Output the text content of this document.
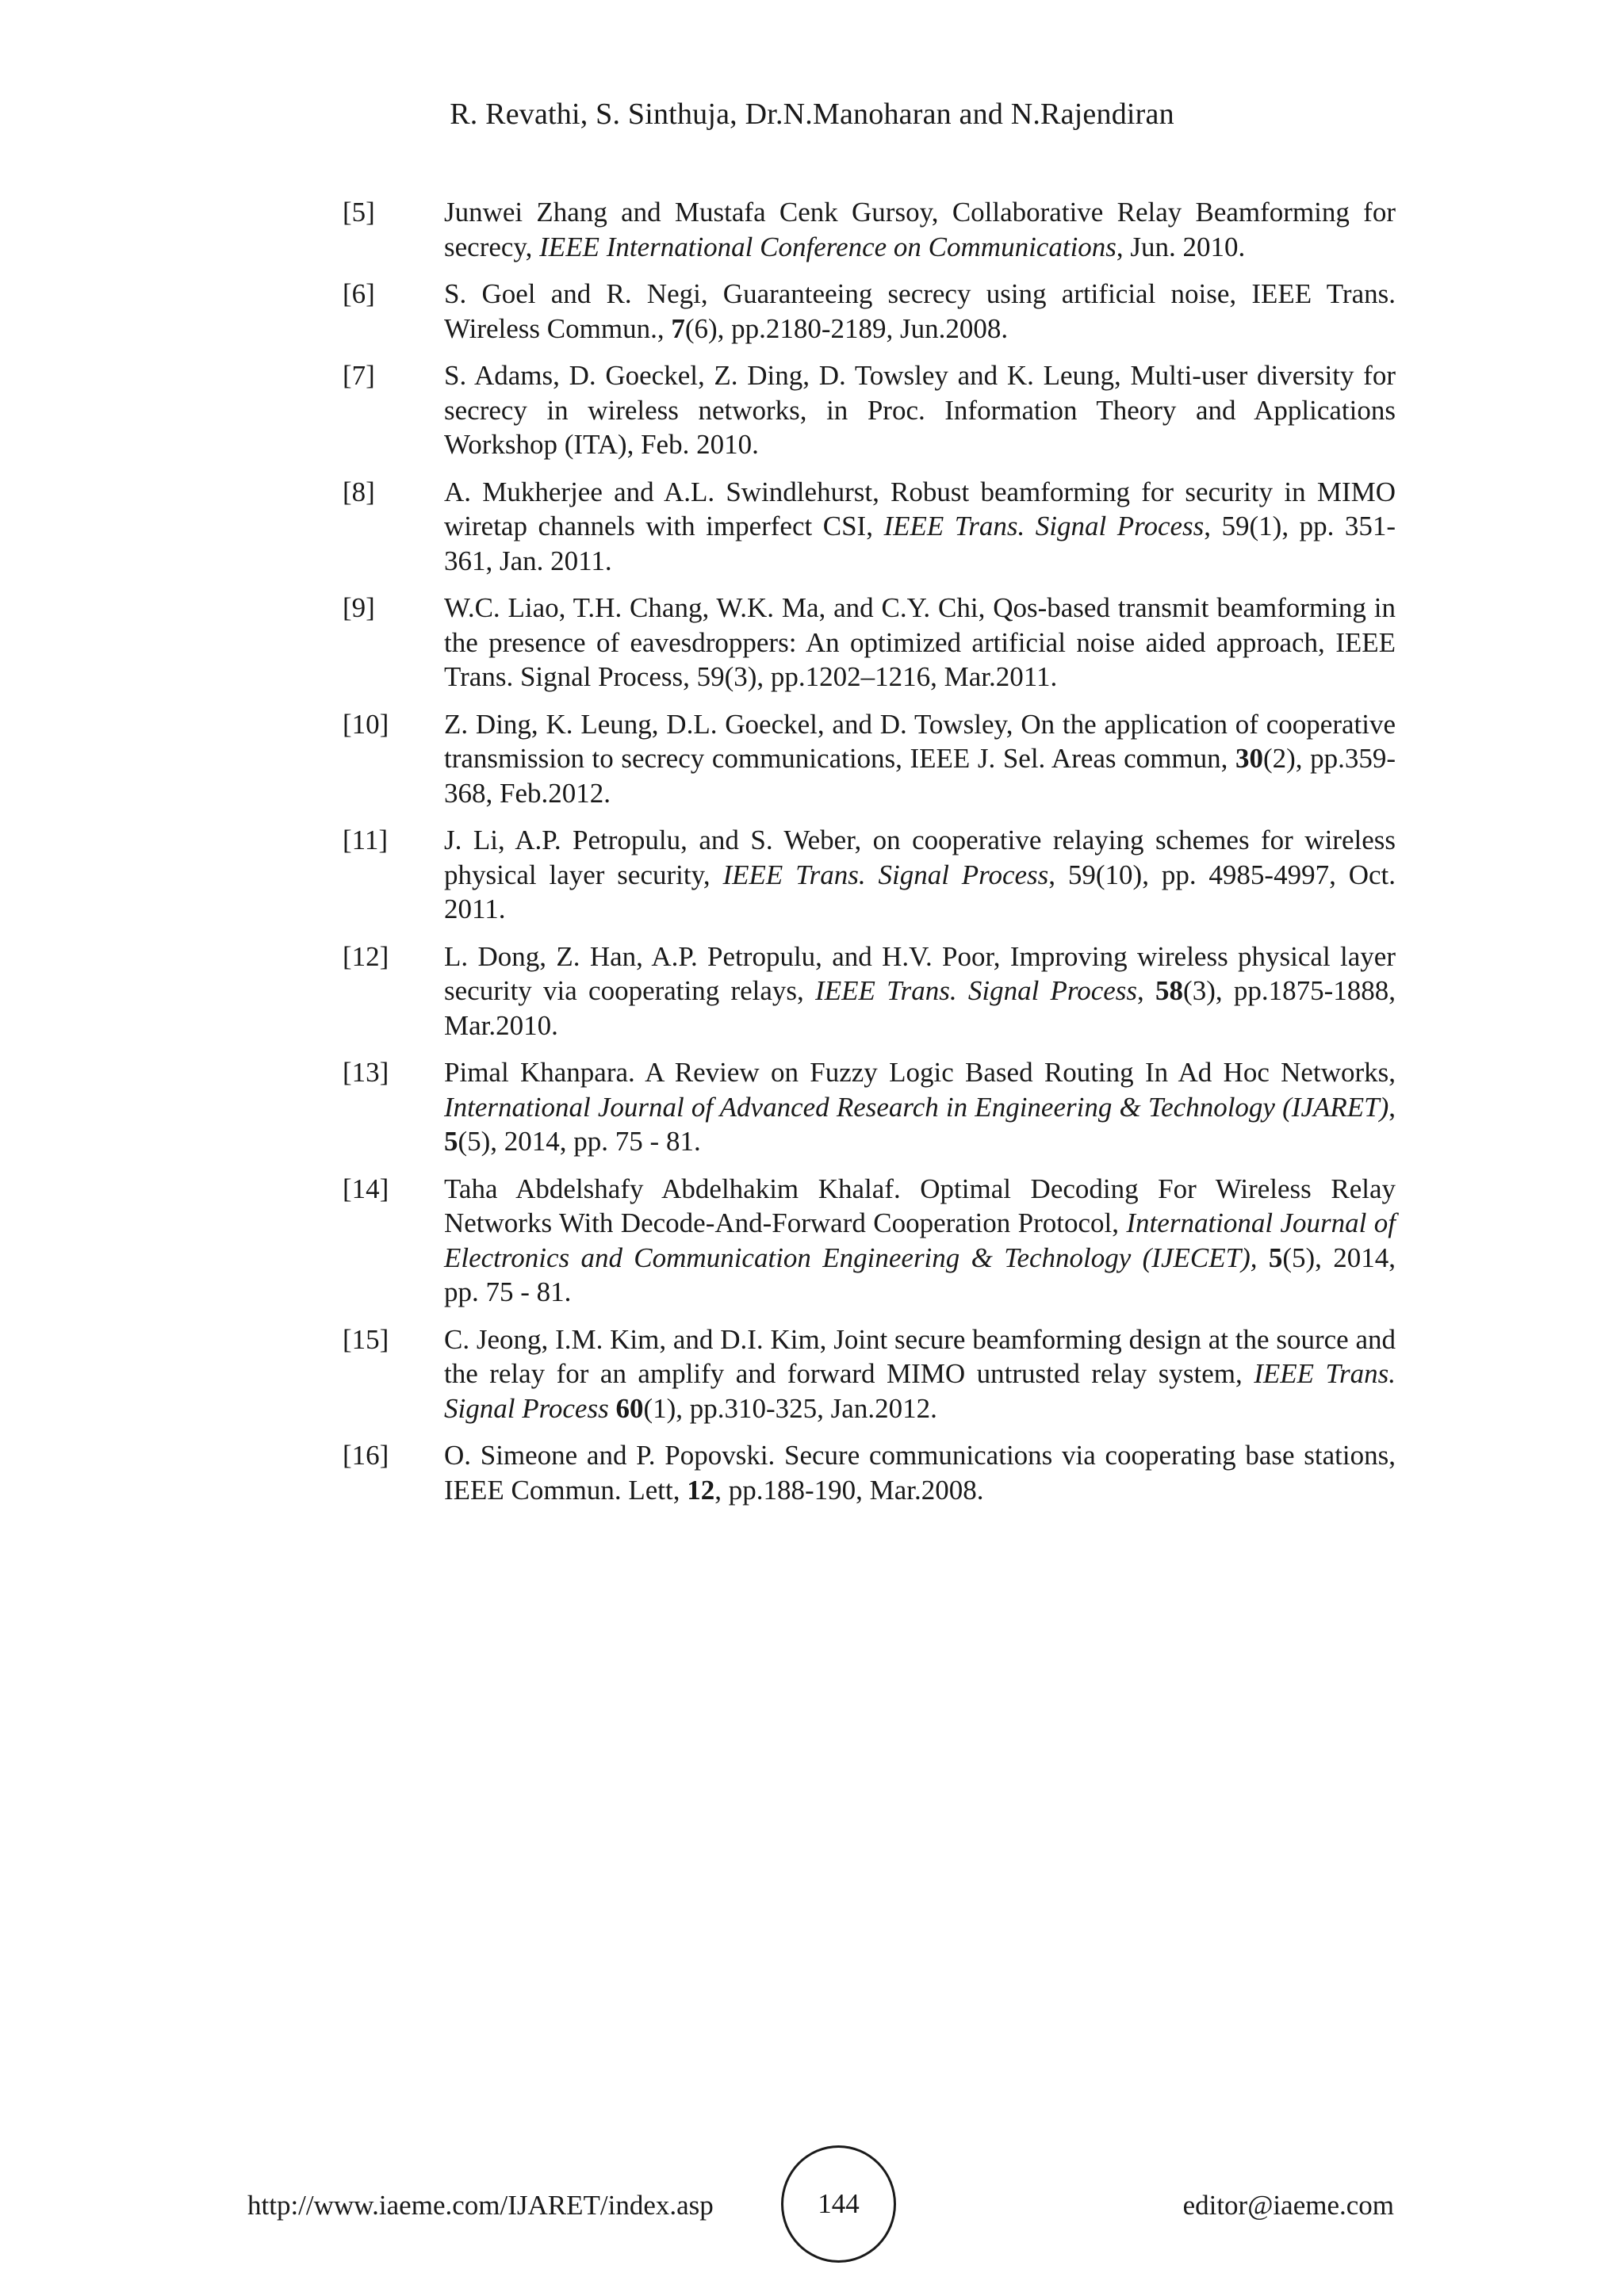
R. Revathi, S. Sinthuja, Dr.N.Manoharan and N.Rajendiran
[5]	Junwei Zhang and Mustafa Cenk Gursoy, Collaborative Relay Beamforming for secrecy, IEEE International Conference on Communications, Jun. 2010.
[6]	S. Goel and R. Negi, Guaranteeing secrecy using artificial noise, IEEE Trans. Wireless Commun., 7(6), pp.2180-2189, Jun.2008.
[7]	S. Adams, D. Goeckel, Z. Ding, D. Towsley and K. Leung, Multi-user diversity for secrecy in wireless networks, in Proc. Information Theory and Applications Workshop (ITA), Feb. 2010.
[8]	A. Mukherjee and A.L. Swindlehurst, Robust beamforming for security in MIMO wiretap channels with imperfect CSI, IEEE Trans. Signal Process, 59(1), pp. 351-361, Jan. 2011.
[9]	W.C. Liao, T.H. Chang, W.K. Ma, and C.Y. Chi, Qos-based transmit beamforming in the presence of eavesdroppers: An optimized artificial noise aided approach, IEEE Trans. Signal Process, 59(3), pp.1202–1216, Mar.2011.
[10]	Z. Ding, K. Leung, D.L. Goeckel, and D. Towsley, On the application of cooperative transmission to secrecy communications, IEEE J. Sel. Areas commun, 30(2), pp.359-368, Feb.2012.
[11]	J. Li, A.P. Petropulu, and S. Weber, on cooperative relaying schemes for wireless physical layer security, IEEE Trans. Signal Process, 59(10), pp. 4985-4997, Oct. 2011.
[12]	L. Dong, Z. Han, A.P. Petropulu, and H.V. Poor, Improving wireless physical layer security via cooperating relays, IEEE Trans. Signal Process, 58(3), pp.1875-1888, Mar.2010.
[13]	Pimal Khanpara. A Review on Fuzzy Logic Based Routing In Ad Hoc Networks, International Journal of Advanced Research in Engineering & Technology (IJARET), 5(5), 2014, pp. 75 - 81.
[14]	Taha Abdelshafy Abdelhakim Khalaf. Optimal Decoding For Wireless Relay Networks With Decode-And-Forward Cooperation Protocol, International Journal of Electronics and Communication Engineering & Technology (IJECET), 5(5), 2014, pp. 75 - 81.
[15]	C. Jeong, I.M. Kim, and D.I. Kim, Joint secure beamforming design at the source and the relay for an amplify and forward MIMO untrusted relay system, IEEE Trans. Signal Process 60(1), pp.310-325, Jan.2012.
[16]	O. Simeone and P. Popovski. Secure communications via cooperating base stations, IEEE Commun. Lett, 12, pp.188-190, Mar.2008.
http://www.iaeme.com/IJARET/index.asp	144	editor@iaeme.com
